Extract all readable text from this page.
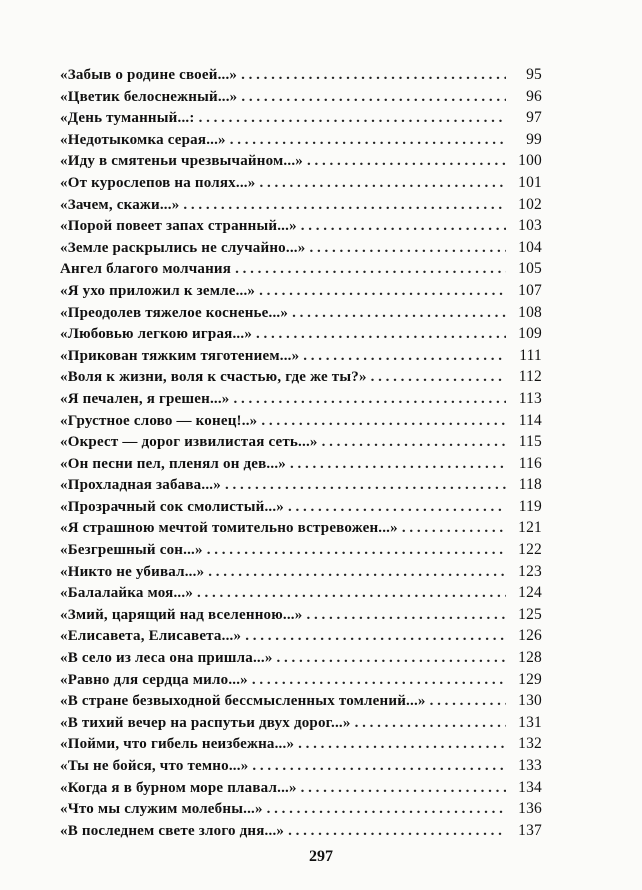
«Забыв о родине своей...» . . .	95
«Цветик белоснежный...» . . .	96
«День туманный...: . . .	97
«Недотыкомка серая...» . . .	99
«Иду в смятеньи чрезвычайном...» . . .	100
«От курослепов на полях...» . . .	101
«Зачем, скажи...» . . .	102
«Порой повеет запах странный...» . . .	103
«Земле раскрылись не случайно...» . . .	104
Ангел благого молчания . . .	105
«Я ухо приложил к земле...» . . .	107
«Преодолев тяжелое косненье...» . . .	108
«Любовью легкою играя...» . . .	109
«Прикован тяжким тяготением...» . . .	111
«Воля к жизни, воля к счастью, где же ты?» . . .	112
«Я печален, я грешен...» . . .	113
«Грустное слово — конец!..» . . .	114
«Окрест — дорог извилистая сеть...» . . .	115
«Он песни пел, пленял он дев...» . . .	116
«Прохладная забава...» . . .	118
«Прозрачный сок смолистый...» . . .	119
«Я страшною мечтой томительно встревожен...» . . .	121
«Безгрешный сон...» . . .	122
«Никто не убивал...» . . .	123
«Балалайка моя...» . . .	124
«Змий, царящий над вселенною...» . . .	125
«Елисавета, Елисавета...» . . .	126
«В село из леса она пришла...» . . .	128
«Равно для сердца мило...» . . .	129
«В стране безвыходной бессмысленных томлений...» . . .	130
«В тихий вечер на распутьи двух дорог...» . . .	131
«Пойми, что гибель неизбежна...» . . .	132
«Ты не бойся, что темно...» . . .	133
«Когда я в бурном море плавал...» . . .	134
«Что мы служим молебны...» . . .	136
«В последнем свете злого дня...» . . .	137
297
